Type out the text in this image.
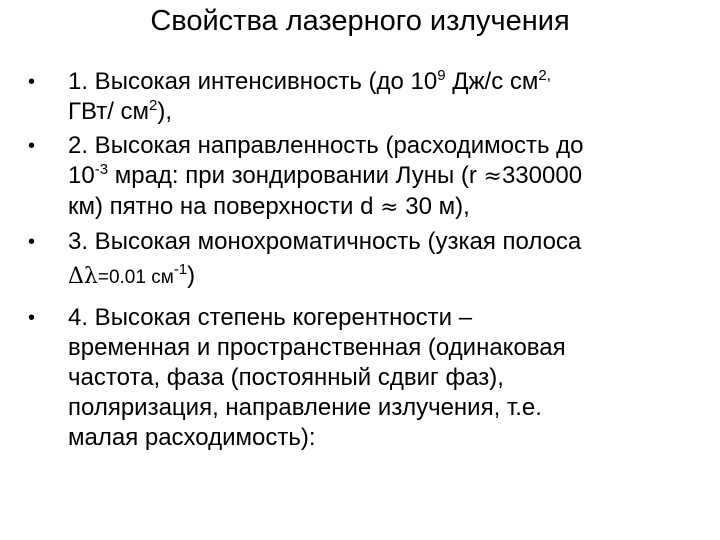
Свойства лазерного излучения
• 1. Высокая интенсивность (до $10^9$ Дж/с $см^{2,}$
ГВт/ $см^2$),
• 2. Высокая направленность (расходимость до
$10^{-3}$ мрад: при зондировании Луны (r ≈330000
км) пятно на поверхности d ≈ 30 м),
• 3. Высокая монохроматичность (узкая полоса
Δλ=0.01 $см^{-1}$)
• 4. Высокая степень когерентности –
временная и пространственная (одинаковая
частота, фаза (постоянный сдвиг фаз),
поляризация, направление излучения, т.е.
малая расходимость):
